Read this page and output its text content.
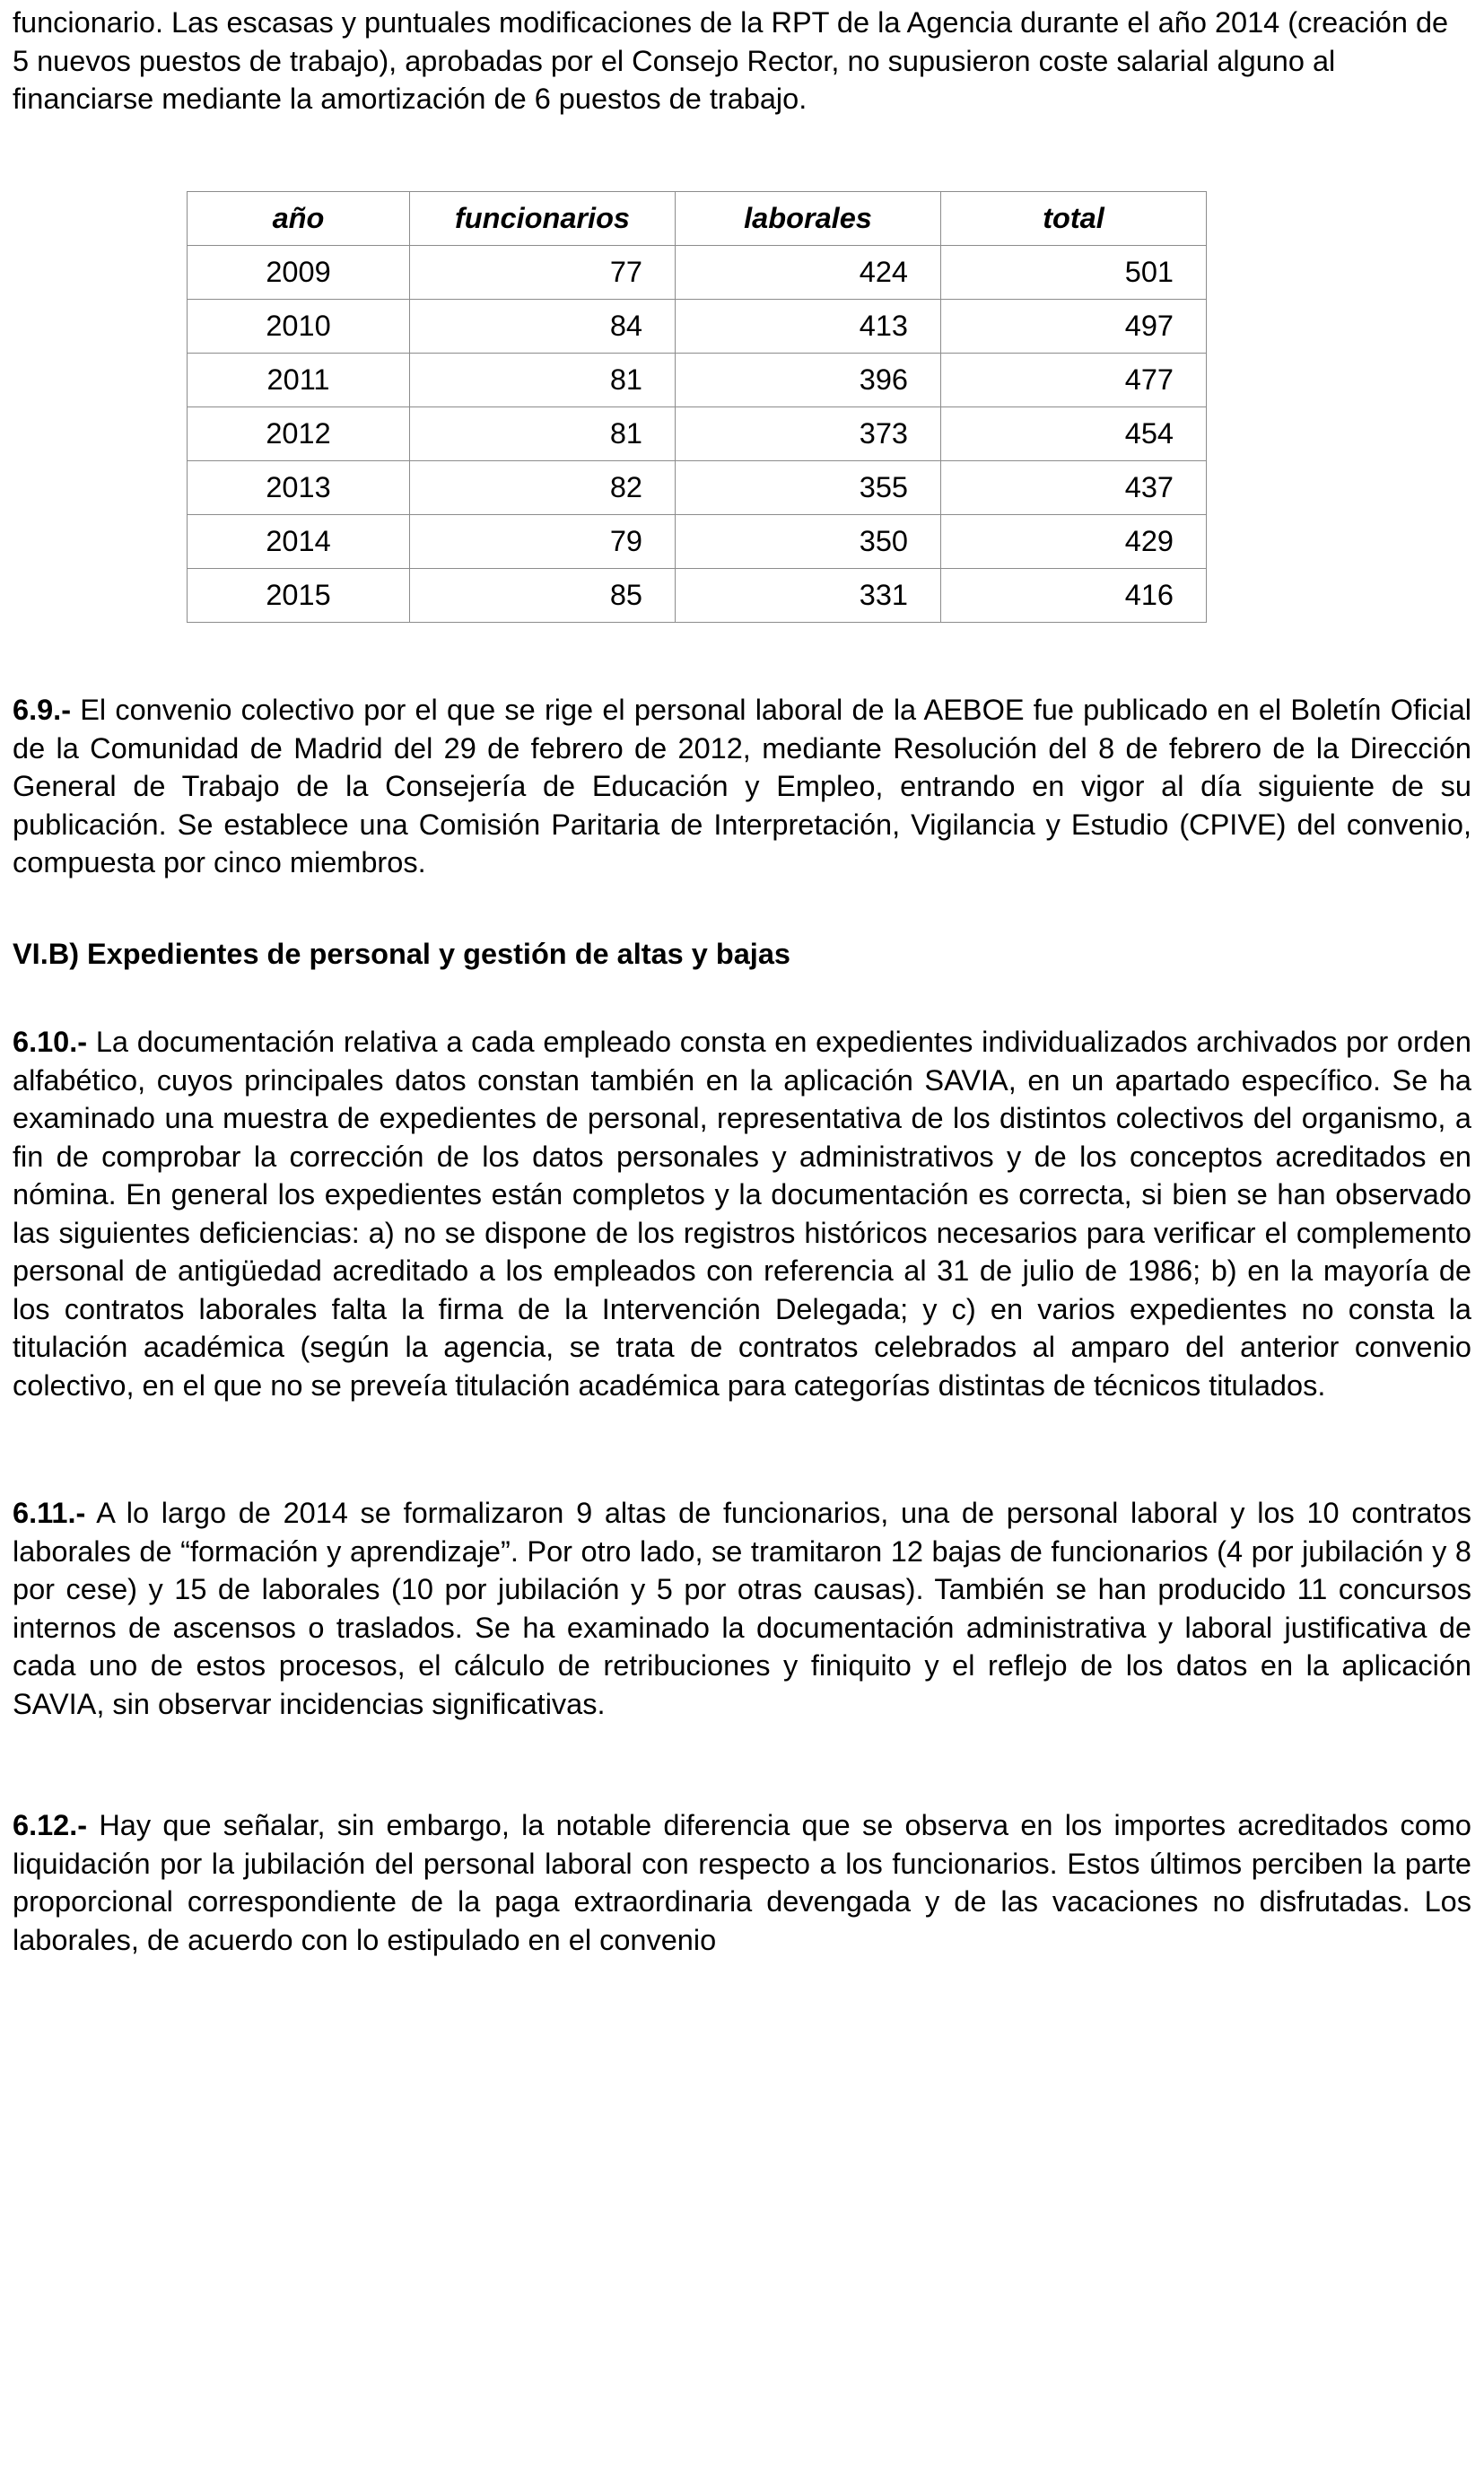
funcionario. Las escasas y puntuales modificaciones de la RPT de la Agencia durante el año 2014 (creación de 5 nuevos puestos de trabajo), aprobadas por el Consejo Rector, no supusieron coste salarial alguno al financiarse mediante la amortización de 6 puestos de trabajo.

año	funcionarios	laborales	total
2009	77	424	501
2010	84	413	497
2011	81	396	477
2012	81	373	454
2013	82	355	437
2014	79	350	429
2015	85	331	416

6.9.- El convenio colectivo por el que se rige el personal laboral de la AEBOE fue publicado en el Boletín Oficial de la Comunidad de Madrid del 29 de febrero de 2012, mediante Resolución del 8 de febrero de la Dirección General de Trabajo de la Consejería de Educación y Empleo, entrando en vigor al día siguiente de su publicación. Se establece una Comisión Paritaria de Interpretación, Vigilancia y Estudio (CPIVE) del convenio, compuesta por cinco miembros.

VI.B) Expedientes de personal y gestión de altas y bajas

6.10.- La documentación relativa a cada empleado consta en expedientes individualizados archivados por orden alfabético, cuyos principales datos constan también en la aplicación SAVIA, en un apartado específico. Se ha examinado una muestra de expedientes de personal, representativa de los distintos colectivos del organismo, a fin de comprobar la corrección de los datos personales y administrativos y de los conceptos acreditados en nómina. En general los expedientes están completos y la documentación es correcta, si bien se han observado las siguientes deficiencias: a) no se dispone de los registros históricos necesarios para verificar el complemento personal de antigüedad acreditado a los empleados con referencia al 31 de julio de 1986; b) en la mayoría de los contratos laborales falta la firma de la Intervención Delegada; y c) en varios expedientes no consta la titulación académica (según la agencia, se trata de contratos celebrados al amparo del anterior convenio colectivo, en el que no se preveía titulación académica para categorías distintas de técnicos titulados.

6.11.- A lo largo de 2014 se formalizaron 9 altas de funcionarios, una de personal laboral y los 10 contratos laborales de “formación y aprendizaje”. Por otro lado, se tramitaron 12 bajas de funcionarios (4 por jubilación y 8 por cese) y 15 de laborales (10 por jubilación y 5 por otras causas). También se han producido 11 concursos internos de ascensos o traslados. Se ha examinado la documentación administrativa y laboral justificativa de cada uno de estos procesos, el cálculo de retribuciones y finiquito y el reflejo de los datos en la aplicación SAVIA, sin observar incidencias significativas.

6.12.- Hay que señalar, sin embargo, la notable diferencia que se observa en los importes acreditados como liquidación por la jubilación del personal laboral con respecto a los funcionarios. Estos últimos perciben la parte proporcional correspondiente de la paga extraordinaria devengada y de las vacaciones no disfrutadas. Los laborales, de acuerdo con lo estipulado en el convenio
